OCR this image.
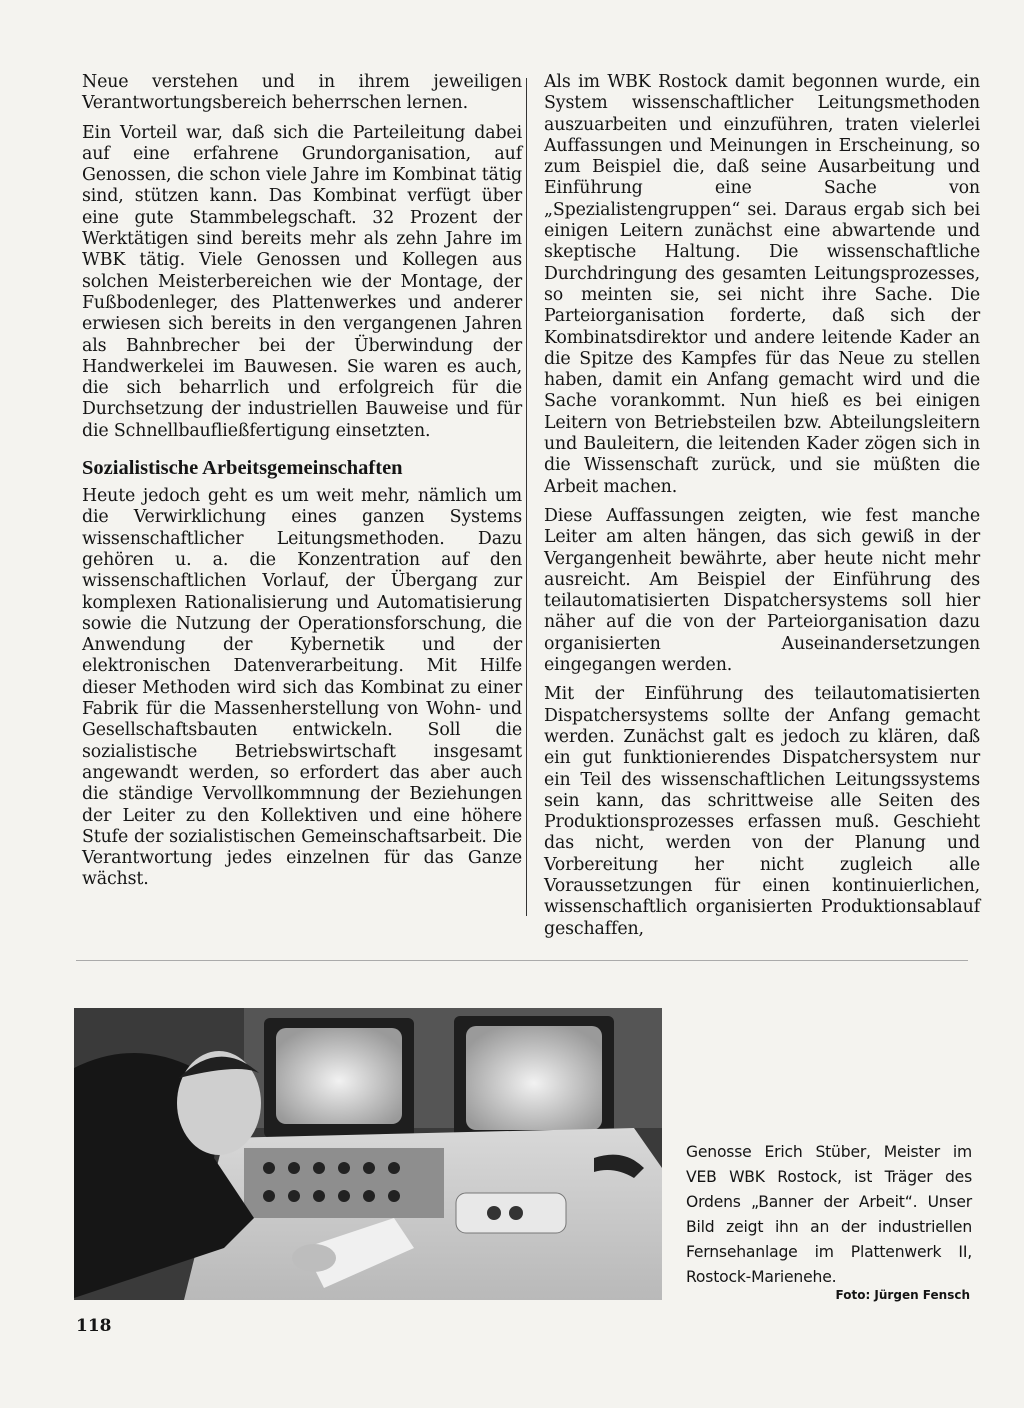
Neue verstehen und in ihrem jeweiligen Verantwortungsbereich beherrschen lernen.

Ein Vorteil war, daß sich die Parteileitung dabei auf eine erfahrene Grundorganisation, auf Genossen, die schon viele Jahre im Kombinat tätig sind, stützen kann. Das Kombinat verfügt über eine gute Stammbelegschaft. 32 Prozent der Werktätigen sind bereits mehr als zehn Jahre im WBK tätig. Viele Genossen und Kollegen aus solchen Meisterbereichen wie der Montage, der Fußbodenleger, des Plattenwerkes und anderer erwiesen sich bereits in den vergangenen Jahren als Bahnbrecher bei der Überwindung der Handwerkelei im Bauwesen. Sie waren es auch, die sich beharrlich und erfolgreich für die Durchsetzung der industriellen Bauweise und für die Schnellbaufließfertigung einsetzten.

Sozialistische Arbeitsgemeinschaften

Heute jedoch geht es um weit mehr, nämlich um die Verwirklichung eines ganzen Systems wissenschaftlicher Leitungsmethoden. Dazu gehören u. a. die Konzentration auf den wissenschaftlichen Vorlauf, der Übergang zur komplexen Rationalisierung und Automatisierung sowie die Nutzung der Operationsforschung, die Anwendung der Kybernetik und der elektronischen Datenverarbeitung. Mit Hilfe dieser Methoden wird sich das Kombinat zu einer Fabrik für die Massenherstellung von Wohn- und Gesellschaftsbauten entwickeln. Soll die sozialistische Betriebswirtschaft insgesamt angewandt werden, so erfordert das aber auch die ständige Vervollkommnung der Beziehungen der Leiter zu den Kollektiven und eine höhere Stufe der sozialistischen Gemeinschaftsarbeit. Die Verantwortung jedes einzelnen für das Ganze wächst.

Als im WBK Rostock damit begonnen wurde, ein System wissenschaftlicher Leitungsmethoden auszuarbeiten und einzuführen, traten vielerlei Auffassungen und Meinungen in Erscheinung, so zum Beispiel die, daß seine Ausarbeitung und Einführung eine Sache von „Spezialistengruppen“ sei. Daraus ergab sich bei einigen Leitern zunächst eine abwartende und skeptische Haltung. Die wissenschaftliche Durchdringung des gesamten Leitungsprozesses, so meinten sie, sei nicht ihre Sache. Die Parteiorganisation forderte, daß sich der Kombinatsdirektor und andere leitende Kader an die Spitze des Kampfes für das Neue zu stellen haben, damit ein Anfang gemacht wird und die Sache vorankommt. Nun hieß es bei einigen Leitern von Betriebsteilen bzw. Abteilungsleitern und Bauleitern, die leitenden Kader zögen sich in die Wissenschaft zurück, und sie müßten die Arbeit machen.

Diese Auffassungen zeigten, wie fest manche Leiter am alten hängen, das sich gewiß in der Vergangenheit bewährte, aber heute nicht mehr ausreicht. Am Beispiel der Einführung des teilautomatisierten Dispatchersystems soll hier näher auf die von der Parteiorganisation dazu organisierten Auseinandersetzungen eingegangen werden.

Mit der Einführung des teilautomatisierten Dispatchersystems sollte der Anfang gemacht werden. Zunächst galt es jedoch zu klären, daß ein gut funktionierendes Dispatchersystem nur ein Teil des wissenschaftlichen Leitungssystems sein kann, das schrittweise alle Seiten des Produktionsprozesses erfassen muß. Geschieht das nicht, werden von der Planung und Vorbereitung her nicht zugleich alle Voraussetzungen für einen kontinuierlichen, wissenschaftlich organisierten Produktionsablauf geschaffen,

Genosse Erich Stüber, Meister im VEB WBK Rostock, ist Träger des Ordens „Banner der Arbeit“. Unser Bild zeigt ihn an der industriellen Fernsehanlage im Plattenwerk II, Rostock-Marienehe.
Foto: Jürgen Fensch
118
